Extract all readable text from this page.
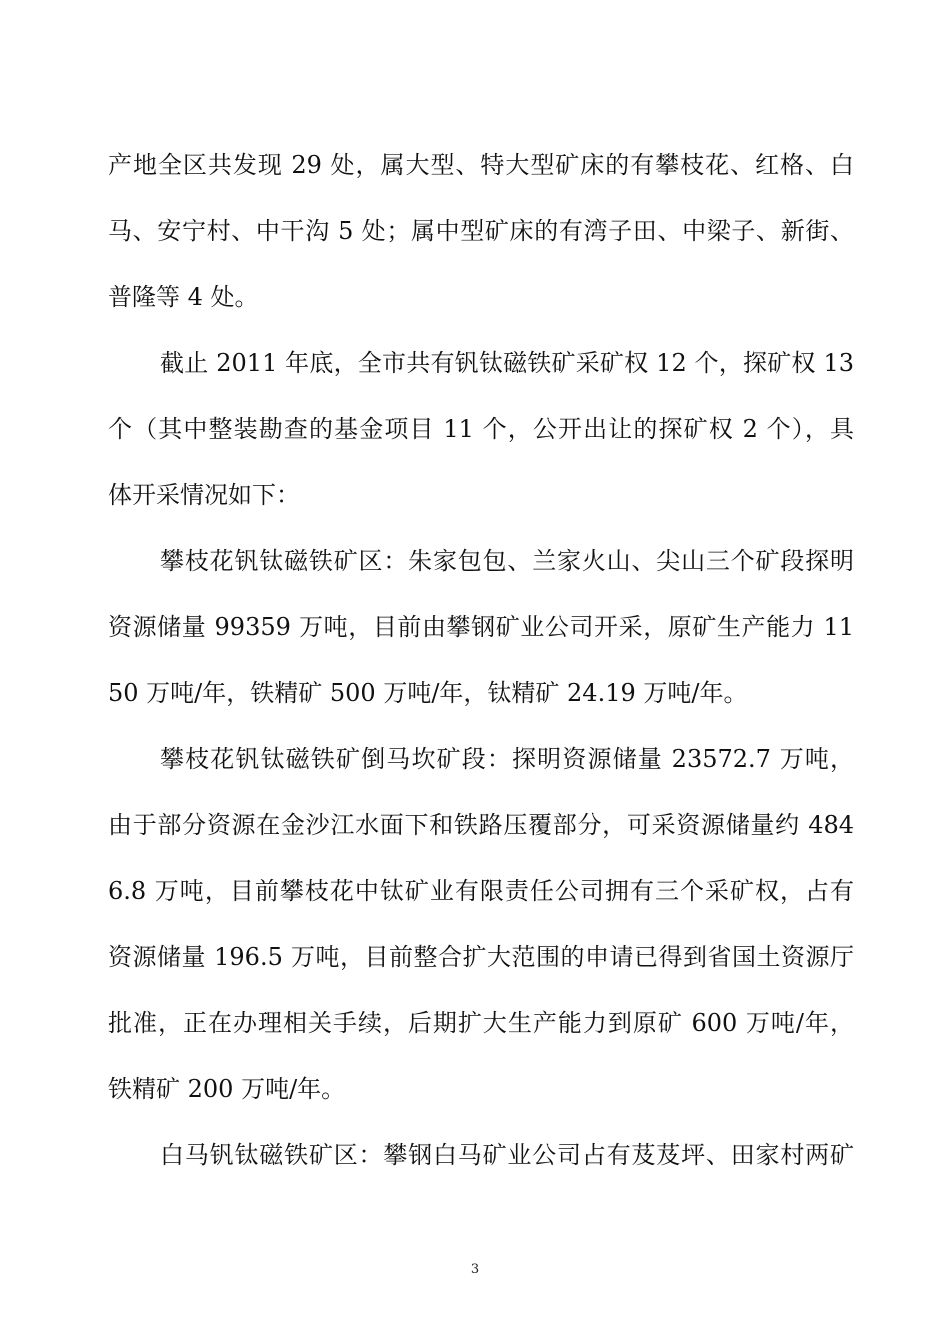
产地全区共发现 29 处，属大型、特大型矿床的有攀枝花、红格、白
马、安宁村、中干沟 5 处；属中型矿床的有湾子田、中梁子、新街、
普隆等 4 处。
截止 2011 年底，全市共有钒钛磁铁矿采矿权 12 个，探矿权 13
个（其中整装勘查的基金项目 11 个，公开出让的探矿权 2 个），具
体开采情况如下：
攀枝花钒钛磁铁矿区：朱家包包、兰家火山、尖山三个矿段探明
资源储量 99359 万吨，目前由攀钢矿业公司开采，原矿生产能力 11
50 万吨/年，铁精矿 500 万吨/年，钛精矿 24.19 万吨/年。
攀枝花钒钛磁铁矿倒马坎矿段：探明资源储量 23572.7 万吨，
由于部分资源在金沙江水面下和铁路压覆部分，可采资源储量约 484
6.8 万吨，目前攀枝花中钛矿业有限责任公司拥有三个采矿权，占有
资源储量 196.5 万吨，目前整合扩大范围的申请已得到省国土资源厅
批准，正在办理相关手续，后期扩大生产能力到原矿 600 万吨/年，
铁精矿 200 万吨/年。
白马钒钛磁铁矿区：攀钢白马矿业公司占有芨芨坪、田家村两矿
3
